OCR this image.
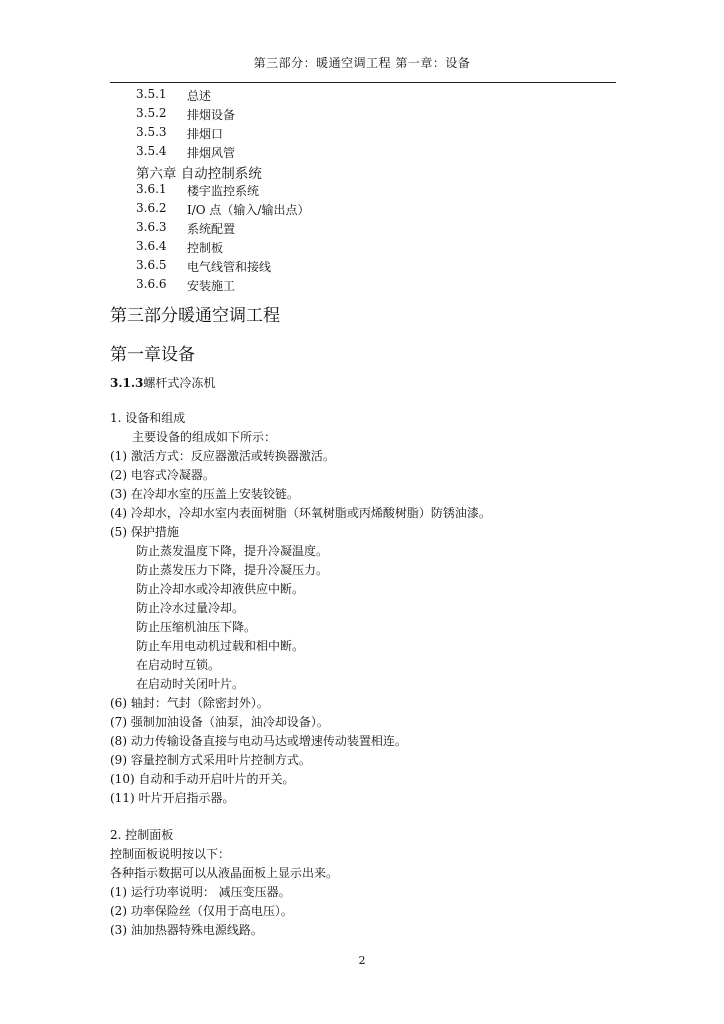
第三部分：暖通空调工程 第一章：设备
3.5.1 总述
3.5.2 排烟设备
3.5.3 排烟口
3.5.4 排烟风管
第六章 自动控制系统
3.6.1 楼宇监控系统
3.6.2 I/O 点（输入/输出点）
3.6.3 系统配置
3.6.4 控制板
3.6.5 电气线管和接线
3.6.6 安装施工
第三部分暖通空调工程
第一章设备
3.1.3螺杆式冷冻机
1. 设备和组成
主要设备的组成如下所示：
(1) 激活方式：反应器激活或转换器激活。
(2) 电容式冷凝器。
(3) 在冷却水室的压盖上安装铰链。
(4) 冷却水，冷却水室内表面树脂（环氧树脂或丙烯酸树脂）防锈油漆。
(5) 保护措施
防止蒸发温度下降，提升冷凝温度。
防止蒸发压力下降，提升冷凝压力。
防止冷却水或冷却液供应中断。
防止冷水过量冷却。
防止压缩机油压下降。
防止车用电动机过载和相中断。
在启动时互锁。
在启动时关闭叶片。
(6) 轴封：气封（除密封外）。
(7) 强制加油设备（油泵，油冷却设备）。
(8) 动力传输设备直接与电动马达或增速传动装置相连。
(9) 容量控制方式采用叶片控制方式。
(10) 自动和手动开启叶片的开关。
(11) 叶片开启指示器。
2. 控制面板
控制面板说明按以下：
各种指示数据可以从液晶面板上显示出来。
(1) 运行功率说明： 减压变压器。
(2) 功率保险丝（仅用于高电压）。
(3) 油加热器特殊电源线路。
2
